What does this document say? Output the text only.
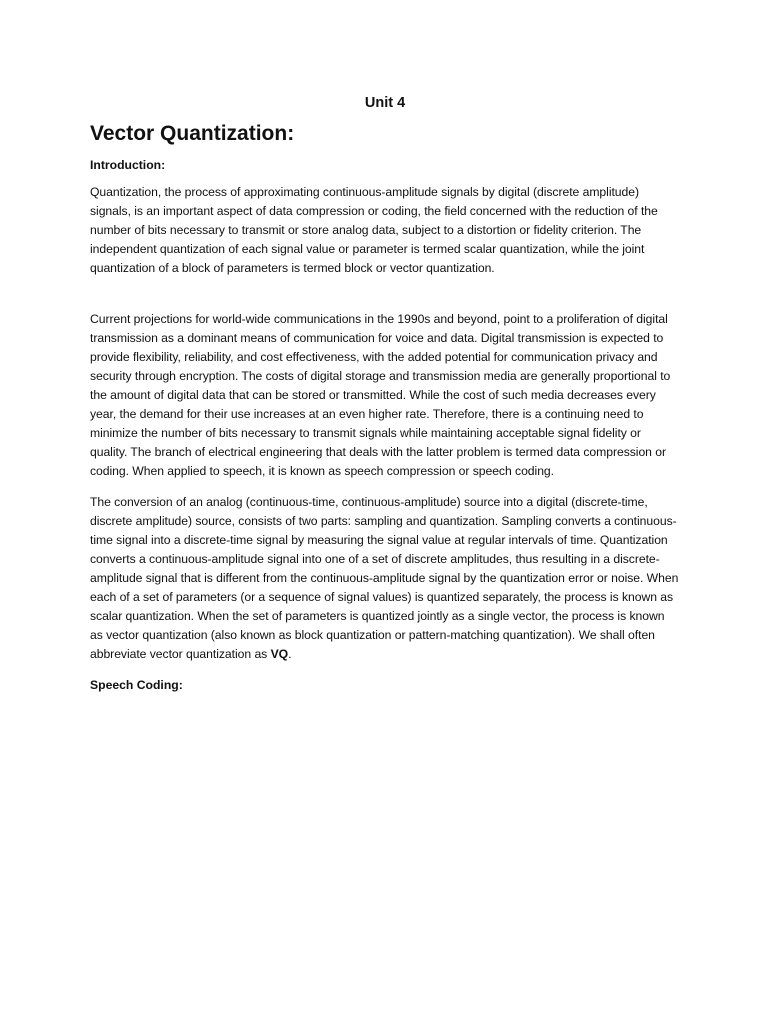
Unit 4
Vector Quantization:
Introduction:

Quantization, the process of approximating continuous-amplitude signals by digital (discrete amplitude) signals, is an important aspect of data compression or coding, the field concerned with the reduction of the number of bits necessary to transmit or store analog data, subject to a distortion or fidelity criterion. The independent quantization of each signal value or parameter is termed scalar quantization, while the joint quantization of a block of parameters is termed block or vector quantization.

Current projections for world-wide communications in the 1990s and beyond, point to a proliferation of digital transmission as a dominant means of communication for voice and data. Digital transmission is expected to provide flexibility, reliability, and cost effectiveness, with the added potential for communication privacy and security through encryption. The costs of digital storage and transmission media are generally proportional to the amount of digital data that can be stored or transmitted. While the cost of such media decreases every year, the demand for their use increases at an even higher rate. Therefore, there is a continuing need to minimize the number of bits necessary to transmit signals while maintaining acceptable signal fidelity or quality. The branch of electrical engineering that deals with the latter problem is termed data compression or coding. When applied to speech, it is known as speech compression or speech coding.

The conversion of an analog (continuous-time, continuous-amplitude) source into a digital (discrete-time, discrete amplitude) source, consists of two parts: sampling and quantization. Sampling converts a continuous-time signal into a discrete-time signal by measuring the signal value at regular intervals of time. Quantization converts a continuous-amplitude signal into one of a set of discrete amplitudes, thus resulting in a discrete-amplitude signal that is different from the continuous-amplitude signal by the quantization error or noise. When each of a set of parameters (or a sequence of signal values) is quantized separately, the process is known as scalar quantization. When the set of parameters is quantized jointly as a single vector, the process is known as vector quantization (also known as block quantization or pattern-matching quantization). We shall often abbreviate vector quantization as VQ.

Speech Coding:
